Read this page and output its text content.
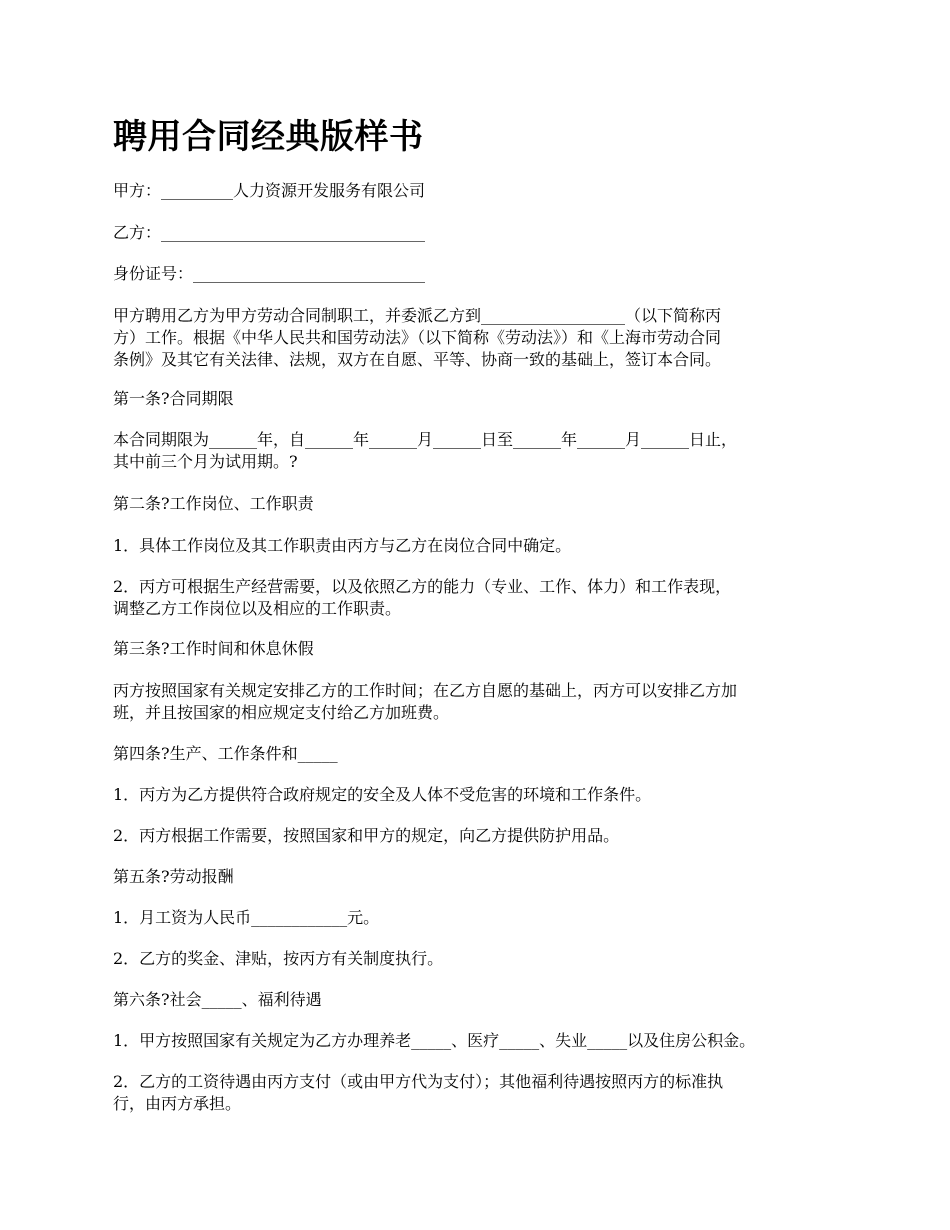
聘用合同经典版样书
甲方：_________人力资源开发服务有限公司
乙方：_________________________________
身份证号：_____________________________
甲方聘用乙方为甲方劳动合同制职工，并委派乙方到__________________（以下简称丙
方）工作。根据《中华人民共和国劳动法》（以下简称《劳动法》）和《上海市劳动合同
条例》及其它有关法律、法规，双方在自愿、平等、协商一致的基础上，签订本合同。
第一条?合同期限
本合同期限为______年，自______年______月______日至______年______月______日止，
其中前三个月为试用期。?
第二条?工作岗位、工作职责
1．具体工作岗位及其工作职责由丙方与乙方在岗位合同中确定。
2．丙方可根据生产经营需要，以及依照乙方的能力（专业、工作、体力）和工作表现，
调整乙方工作岗位以及相应的工作职责。
第三条?工作时间和休息休假
丙方按照国家有关规定安排乙方的工作时间；在乙方自愿的基础上，丙方可以安排乙方加
班，并且按国家的相应规定支付给乙方加班费。
第四条?生产、工作条件和_____
1．丙方为乙方提供符合政府规定的安全及人体不受危害的环境和工作条件。
2．丙方根据工作需要，按照国家和甲方的规定，向乙方提供防护用品。
第五条?劳动报酬
1．月工资为人民币____________元。
2．乙方的奖金、津贴，按丙方有关制度执行。
第六条?社会_____、福利待遇
1．甲方按照国家有关规定为乙方办理养老_____、医疗_____、失业_____以及住房公积金。
2．乙方的工资待遇由丙方支付（或由甲方代为支付）；其他福利待遇按照丙方的标准执
行，由丙方承担。
